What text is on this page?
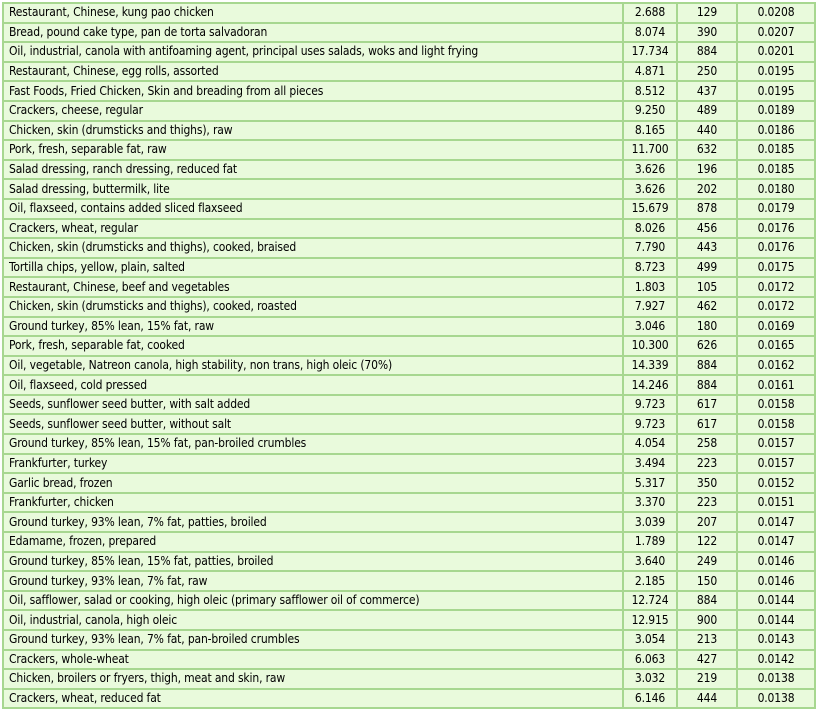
Restaurant, Chinese, kung pao chicken	2.688	129	0.0208
Bread, pound cake type, pan de torta salvadoran	8.074	390	0.0207
Oil, industrial, canola with antifoaming agent, principal uses salads, woks and light frying	17.734	884	0.0201
Restaurant, Chinese, egg rolls, assorted	4.871	250	0.0195
Fast Foods, Fried Chicken, Skin and breading from all pieces	8.512	437	0.0195
Crackers, cheese, regular	9.250	489	0.0189
Chicken, skin (drumsticks and thighs), raw	8.165	440	0.0186
Pork, fresh, separable fat, raw	11.700	632	0.0185
Salad dressing, ranch dressing, reduced fat	3.626	196	0.0185
Salad dressing, buttermilk, lite	3.626	202	0.0180
Oil, flaxseed, contains added sliced flaxseed	15.679	878	0.0179
Crackers, wheat, regular	8.026	456	0.0176
Chicken, skin (drumsticks and thighs), cooked, braised	7.790	443	0.0176
Tortilla chips, yellow, plain, salted	8.723	499	0.0175
Restaurant, Chinese, beef and vegetables	1.803	105	0.0172
Chicken, skin (drumsticks and thighs), cooked, roasted	7.927	462	0.0172
Ground turkey, 85% lean, 15% fat, raw	3.046	180	0.0169
Pork, fresh, separable fat, cooked	10.300	626	0.0165
Oil, vegetable, Natreon canola, high stability, non trans, high oleic (70%)	14.339	884	0.0162
Oil, flaxseed, cold pressed	14.246	884	0.0161
Seeds, sunflower seed butter, with salt added	9.723	617	0.0158
Seeds, sunflower seed butter, without salt	9.723	617	0.0158
Ground turkey, 85% lean, 15% fat, pan-broiled crumbles	4.054	258	0.0157
Frankfurter, turkey	3.494	223	0.0157
Garlic bread, frozen	5.317	350	0.0152
Frankfurter, chicken	3.370	223	0.0151
Ground turkey, 93% lean, 7% fat, patties, broiled	3.039	207	0.0147
Edamame, frozen, prepared	1.789	122	0.0147
Ground turkey, 85% lean, 15% fat, patties, broiled	3.640	249	0.0146
Ground turkey, 93% lean, 7% fat, raw	2.185	150	0.0146
Oil, safflower, salad or cooking, high oleic (primary safflower oil of commerce)	12.724	884	0.0144
Oil, industrial, canola, high oleic	12.915	900	0.0144
Ground turkey, 93% lean, 7% fat, pan-broiled crumbles	3.054	213	0.0143
Crackers, whole-wheat	6.063	427	0.0142
Chicken, broilers or fryers, thigh, meat and skin, raw	3.032	219	0.0138
Crackers, wheat, reduced fat	6.146	444	0.0138
